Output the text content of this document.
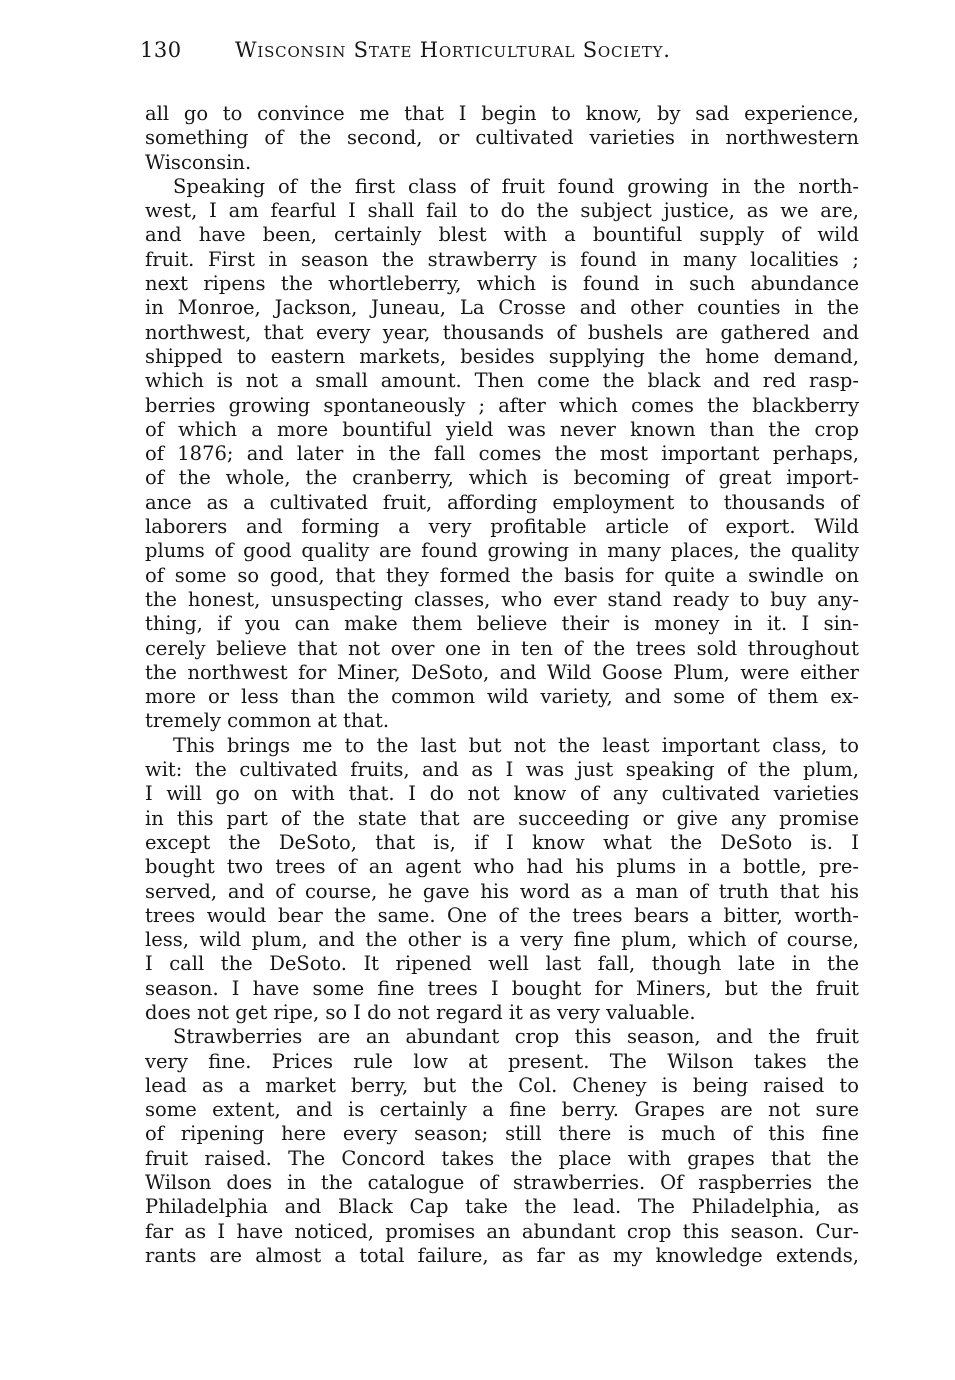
130	Wisconsin State Horticultural Society.
all go to convince me that I begin to know, by sad experience,
something of the second, or cultivated varieties in northwestern
Wisconsin.
Speaking of the first class of fruit found growing in the north-
west, I am fearful I shall fail to do the subject justice, as we are,
and have been, certainly blest with a bountiful supply of wild
fruit. First in season the strawberry is found in many localities ;
next ripens the whortleberry, which is found in such abundance
in Monroe, Jackson, Juneau, La Crosse and other counties in the
northwest, that every year, thousands of bushels are gathered and
shipped to eastern markets, besides supplying the home demand,
which is not a small amount. Then come the black and red rasp-
berries growing spontaneously ; after which comes the blackberry
of which a more bountiful yield was never known than the crop
of 1876; and later in the fall comes the most important perhaps,
of the whole, the cranberry, which is becoming of great import-
ance as a cultivated fruit, affording employment to thousands of
laborers and forming a very profitable article of export. Wild
plums of good quality are found growing in many places, the quality
of some so good, that they formed the basis for quite a swindle on
the honest, unsuspecting classes, who ever stand ready to buy any-
thing, if you can make them believe their is money in it. I sin-
cerely believe that not over one in ten of the trees sold throughout
the northwest for Miner, DeSoto, and Wild Goose Plum, were either
more or less than the common wild variety, and some of them ex-
tremely common at that.
This brings me to the last but not the least important class, to
wit: the cultivated fruits, and as I was just speaking of the plum,
I will go on with that. I do not know of any cultivated varieties
in this part of the state that are succeeding or give any promise
except the DeSoto, that is, if I know what the DeSoto is. I
bought two trees of an agent who had his plums in a bottle, pre-
served, and of course, he gave his word as a man of truth that his
trees would bear the same. One of the trees bears a bitter, worth-
less, wild plum, and the other is a very fine plum, which of course,
I call the DeSoto. It ripened well last fall, though late in the
season. I have some fine trees I bought for Miners, but the fruit
does not get ripe, so I do not regard it as very valuable.
Strawberries are an abundant crop this season, and the fruit
very fine. Prices rule low at present. The Wilson takes the
lead as a market berry, but the Col. Cheney is being raised to
some extent, and is certainly a fine berry. Grapes are not sure
of ripening here every season; still there is much of this fine
fruit raised. The Concord takes the place with grapes that the
Wilson does in the catalogue of strawberries. Of raspberries the
Philadelphia and Black Cap take the lead. The Philadelphia, as
far as I have noticed, promises an abundant crop this season. Cur-
rants are almost a total failure, as far as my knowledge extends,
